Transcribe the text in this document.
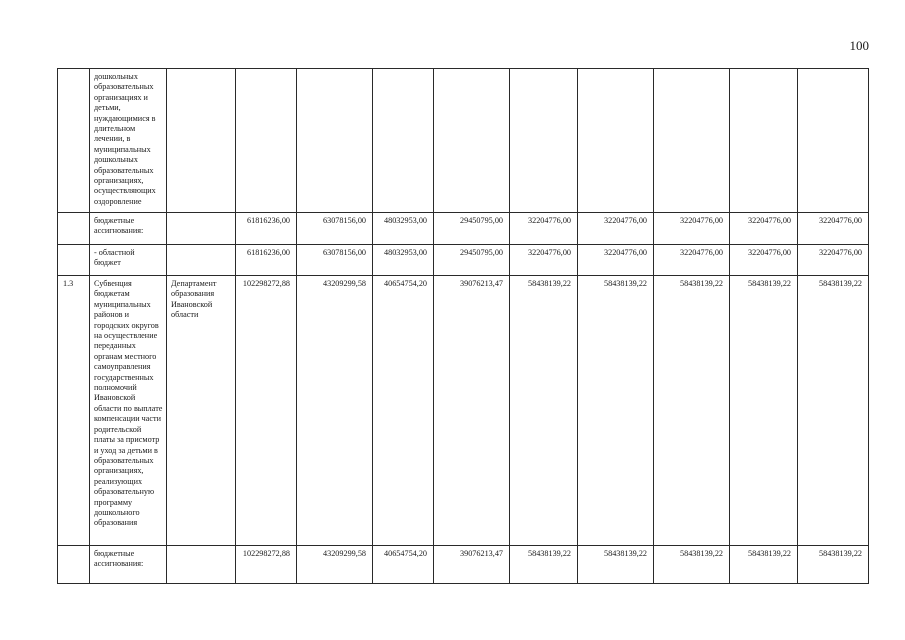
100
	дошкольных образовательных организациях и детьми, нуждающимися в длительном лечении, в муниципальных дошкольных образовательных организациях, осуществляющих оздоровление										
	бюджетные ассигнования:		61816236,00	63078156,00	48032953,00	29450795,00	32204776,00	32204776,00	32204776,00	32204776,00	32204776,00
	- областной бюджет		61816236,00	63078156,00	48032953,00	29450795,00	32204776,00	32204776,00	32204776,00	32204776,00	32204776,00
1.3	Субвенция бюджетам муниципальных районов и городских округов на осуществление переданных органам местного самоуправления государственных полномочий Ивановской области по выплате компенсации части родительской платы за присмотр и уход за детьми в образовательных организациях, реализующих образовательную программу дошкольного образования	Департамент образования Ивановской области	102298272,88	43209299,58	40654754,20	39076213,47	58438139,22	58438139,22	58438139,22	58438139,22	58438139,22
	бюджетные ассигнования:		102298272,88	43209299,58	40654754,20	39076213,47	58438139,22	58438139,22	58438139,22	58438139,22	58438139,22
